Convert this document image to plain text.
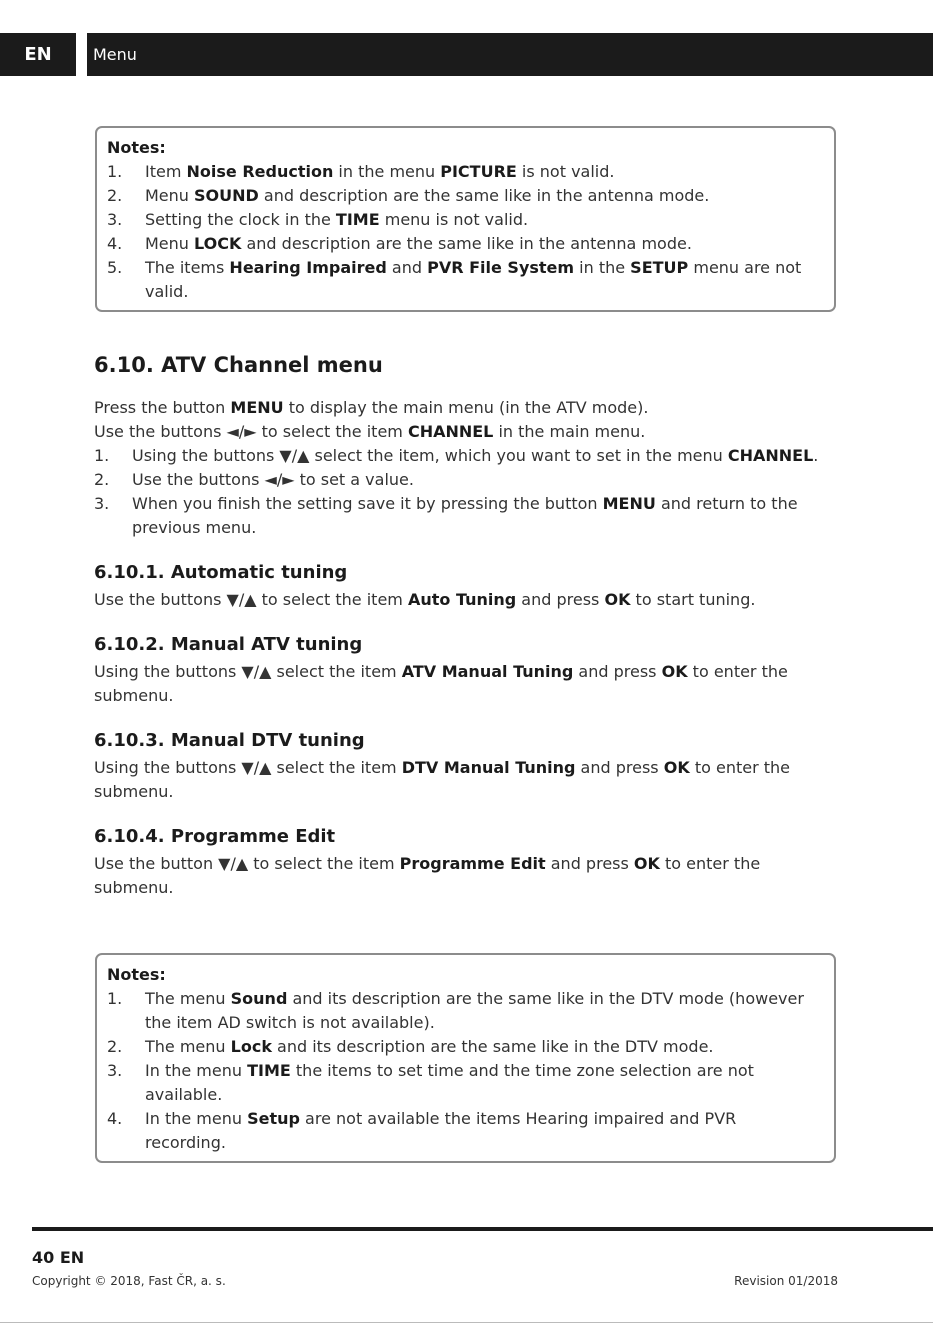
EN	Menu
Notes:
1. Item Noise Reduction in the menu PICTURE is not valid.
2. Menu SOUND and description are the same like in the antenna mode.
3. Setting the clock in the TIME menu is not valid.
4. Menu LOCK and description are the same like in the antenna mode.
5. The items Hearing Impaired and PVR File System in the SETUP menu are not valid.
6.10. ATV Channel menu

Press the button MENU to display the main menu (in the ATV mode).

Use the buttons ◄/► to select the item CHANNEL in the main menu.

1. Using the buttons ▼/▲ select the item, which you want to set in the menu CHANNEL.
2. Use the buttons ◄/► to set a value.
3. When you finish the setting save it by pressing the button MENU and return to the previous menu.
6.10.1. Automatic tuning

Use the buttons ▼/▲ to select the item Auto Tuning and press OK to start tuning.

6.10.2. Manual ATV tuning

Using the buttons ▼/▲ select the item ATV Manual Tuning and press OK to enter the submenu.

6.10.3. Manual DTV tuning

Using the buttons ▼/▲ select the item DTV Manual Tuning and press OK to enter the submenu.

6.10.4. Programme Edit

Use the button ▼/▲ to select the item Programme Edit and press OK to enter the submenu.

Notes:
1. The menu Sound and its description are the same like in the DTV mode (however the item AD switch is not available).
2. The menu Lock and its description are the same like in the DTV mode.
3. In the menu TIME the items to set time and the time zone selection are not available.
4. In the menu Setup are not available the items Hearing impaired and PVR recording.
40 EN
Copyright © 2018, Fast ČR, a. s.	Revision 01/2018
